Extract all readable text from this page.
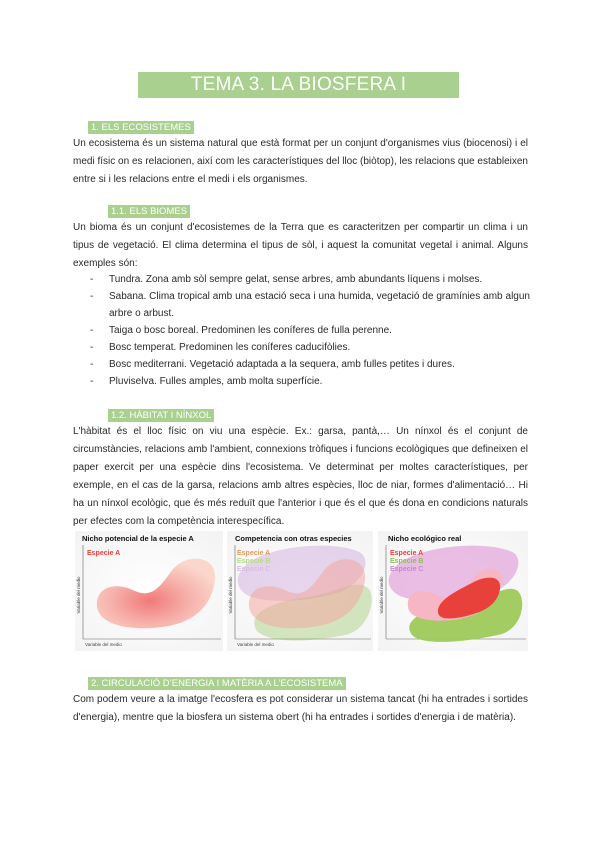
TEMA 3. LA BIOSFERA I L’ECOSFERA
1. ELS ECOSISTEMES

Un ecosistema és un sistema natural que està format per un conjunt d'organismes vius (biocenosi) i el medi físic on es relacionen, així com les característiques del lloc (biòtop), les relacions que estableixen entre si i les relacions entre el medi i els organismes.

1.1. ELS BIOMES

Un bioma és un conjunt d'ecosistemes de la Terra que es caracteritzen per compartir un clima i un tipus de vegetació. El clima determina el tipus de sòl, i aquest la comunitat vegetal i animal. Alguns exemples són:

- Tundra. Zona amb sòl sempre gelat, sense arbres, amb abundants líquens i molses.
- Sabana. Clima tropical amb una estació seca i una humida, vegetació de gramínies amb algun arbre o arbust.
- Taiga o bosc boreal. Predominen les coníferes de fulla perenne.
- Bosc temperat. Predominen les coníferes caducifòlies.
- Bosc mediterrani. Vegetació adaptada a la sequera, amb fulles petites i dures.
- Pluviselva. Fulles amples, amb molta superfície.
1.2. HÀBITAT I NÍNXOL

L'hàbitat és el lloc físic on viu una espècie. Ex.: garsa, pantà,… Un nínxol és el conjunt de circumstàncies, relacions amb l'ambient, connexions tròfiques i funcions ecològiques que defineixen el paper exercit per una espècie dins l'ecosistema. Ve determinat per moltes característiques, per exemple, en el cas de la garsa, relacions amb altres espècies, lloc de niar, formes d'alimentació… Hi ha un nínxol ecològic, que és més reduït que l'anterior i que és el que és dona en condicions naturals per efectes com la competència interespecífica.

Nicho potencial de la especie A
Variable del medio
Variable del medio
Especie A
Competencia con otras especies
Variable del medio
Variable del medio
Especie A
Especie B
Especie C
Nicho ecológico real
Variable del medio
Especie A
Especie B
Especie C
2. CIRCULACIÓ D’ENERGIA I MATÈRIA A L’ECOSISTEMA

Com podem veure a la imatge l'ecosfera es pot considerar un sistema tancat (hi ha entrades i sortides d'energia), mentre que la biosfera un sistema obert (hi ha entrades i sortides d'energia i de matèria).
